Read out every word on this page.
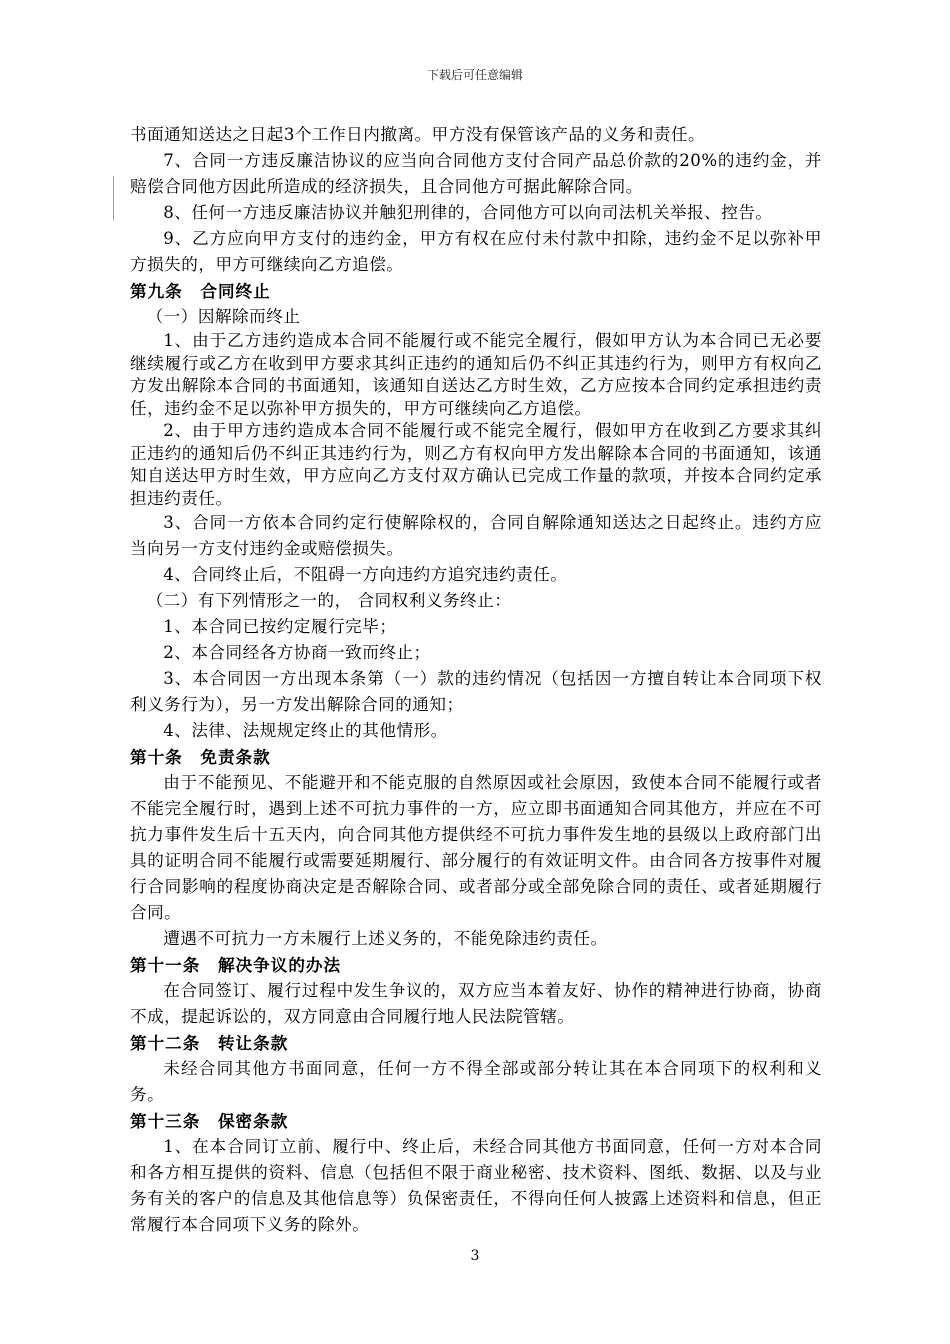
下载后可任意编辑

书面通知送达之日起3个工作日内撤离。甲方没有保管该产品的义务和责任。

7、合同一方违反廉洁协议的应当向合同他方支付合同产品总价款的20%的违约金，并赔偿合同他方因此所造成的经济损失，且合同他方可据此解除合同。

8、任何一方违反廉洁协议并触犯刑律的，合同他方可以向司法机关举报、控告。

9、乙方应向甲方支付的违约金，甲方有权在应付未付款中扣除，违约金不足以弥补甲方损失的，甲方可继续向乙方追偿。

第九条　合同终止

（一）因解除而终止

1、由于乙方违约造成本合同不能履行或不能完全履行，假如甲方认为本合同已无必要继续履行或乙方在收到甲方要求其纠正违约的通知后仍不纠正其违约行为，则甲方有权向乙方发出解除本合同的书面通知，该通知自送达乙方时生效，乙方应按本合同约定承担违约责任，违约金不足以弥补甲方损失的，甲方可继续向乙方追偿。

2、由于甲方违约造成本合同不能履行或不能完全履行，假如甲方在收到乙方要求其纠正违约的通知后仍不纠正其违约行为，则乙方有权向甲方发出解除本合同的书面通知，该通知自送达甲方时生效，甲方应向乙方支付双方确认已完成工作量的款项，并按本合同约定承担违约责任。

3、合同一方依本合同约定行使解除权的，合同自解除通知送达之日起终止。违约方应当向另一方支付违约金或赔偿损失。

4、合同终止后，不阻碍一方向违约方追究违约责任。

（二）有下列情形之一的， 合同权利义务终止：

1、本合同已按约定履行完毕；

2、本合同经各方协商一致而终止；

3、本合同因一方出现本条第（一）款的违约情况（包括因一方擅自转让本合同项下权利义务行为），另一方发出解除合同的通知；

4、法律、法规规定终止的其他情形。

第十条　免责条款

由于不能预见、不能避开和不能克服的自然原因或社会原因，致使本合同不能履行或者不能完全履行时，遇到上述不可抗力事件的一方，应立即书面通知合同其他方，并应在不可抗力事件发生后十五天内，向合同其他方提供经不可抗力事件发生地的县级以上政府部门出具的证明合同不能履行或需要延期履行、部分履行的有效证明文件。由合同各方按事件对履行合同影响的程度协商决定是否解除合同、或者部分或全部免除合同的责任、或者延期履行合同。

遭遇不可抗力一方未履行上述义务的，不能免除违约责任。

第十一条　解决争议的办法

在合同签订、履行过程中发生争议的，双方应当本着友好、协作的精神进行协商，协商不成，提起诉讼的，双方同意由合同履行地人民法院管辖。

第十二条　转让条款

未经合同其他方书面同意，任何一方不得全部或部分转让其在本合同项下的权利和义务。

第十三条　保密条款

1、在本合同订立前、履行中、终止后，未经合同其他方书面同意，任何一方对本合同和各方相互提供的资料、信息（包括但不限于商业秘密、技术资料、图纸、数据、以及与业务有关的客户的信息及其他信息等）负保密责任，不得向任何人披露上述资料和信息，但正常履行本合同项下义务的除外。

3
